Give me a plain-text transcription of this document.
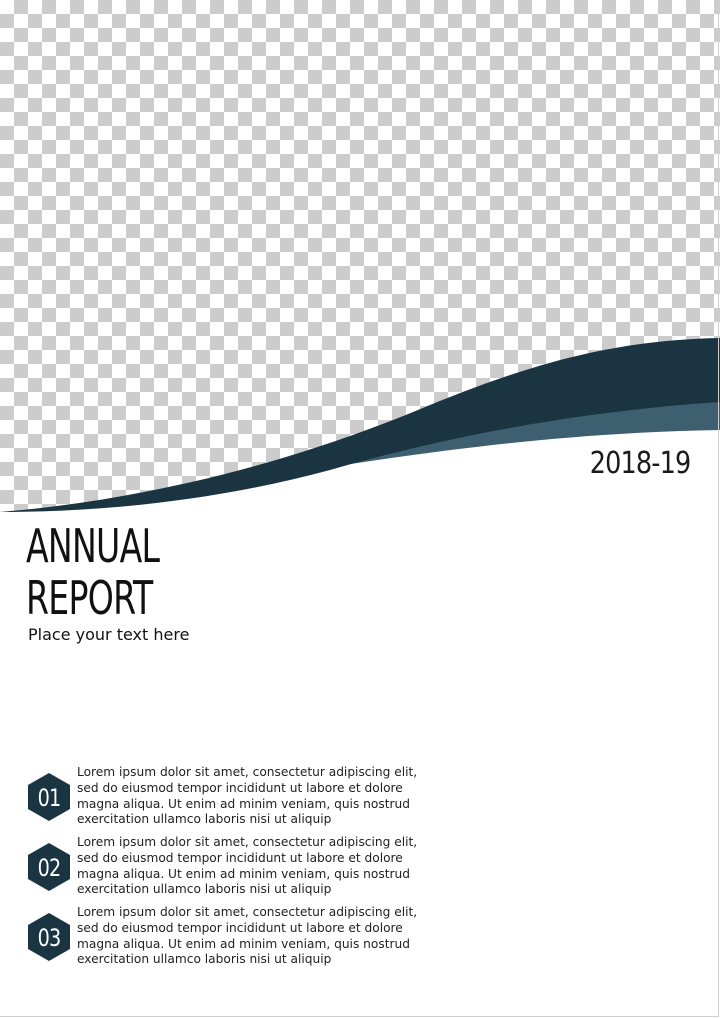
2018-19
ANNUAL
REPORT
Place your text here
01
Lorem ipsum dolor sit amet, consectetur adipiscing elit,
sed do eiusmod tempor incididunt ut labore et dolore
magna aliqua. Ut enim ad minim veniam, quis nostrud
exercitation ullamco laboris nisi ut aliquip
02
Lorem ipsum dolor sit amet, consectetur adipiscing elit,
sed do eiusmod tempor incididunt ut labore et dolore
magna aliqua. Ut enim ad minim veniam, quis nostrud
exercitation ullamco laboris nisi ut aliquip
03
Lorem ipsum dolor sit amet, consectetur adipiscing elit,
sed do eiusmod tempor incididunt ut labore et dolore
magna aliqua. Ut enim ad minim veniam, quis nostrud
exercitation ullamco laboris nisi ut aliquip
